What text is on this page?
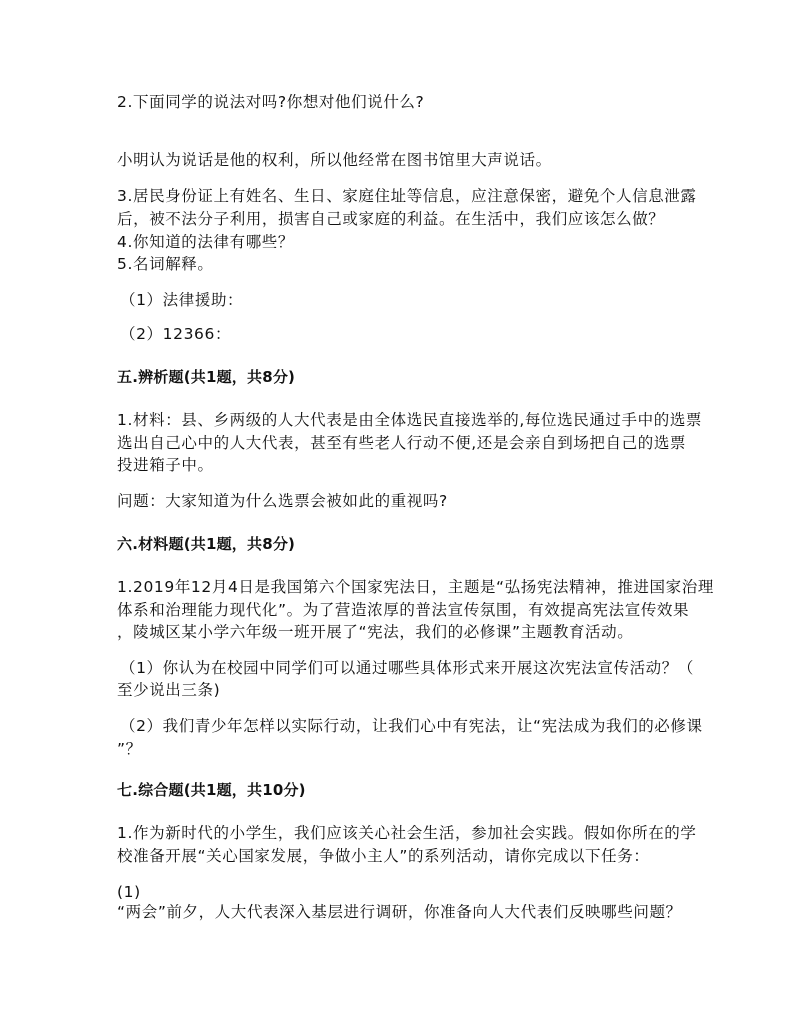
2.下面同学的说法对吗?你想对他们说什么?
小明认为说话是他的权利，所以他经常在图书馆里大声说话。
3.居民身份证上有姓名、生日、家庭住址等信息，应注意保密，避免个人信息泄露
后，被不法分子利用，损害自己或家庭的利益。在生活中，我们应该怎么做？
4.你知道的法律有哪些？
5.名词解释。
（1）法律援助：
（2）12366：
五.辨析题(共1题，共8分)
1.材料：县、乡两级的人大代表是由全体选民直接选举的,每位选民通过手中的选票
选出自己心中的人大代表，甚至有些老人行动不便,还是会亲自到场把自己的选票
投进箱子中。
问题：大家知道为什么选票会被如此的重视吗?
六.材料题(共1题，共8分)
1.2019年12月4日是我国第六个国家宪法日，主题是“弘扬宪法精神，推进国家治理
体系和治理能力现代化”。为了营造浓厚的普法宣传氛围，有效提高宪法宣传效果
，陵城区某小学六年级一班开展了“宪法，我们的必修课”主题教育活动。
（1）你认为在校园中同学们可以通过哪些具体形式来开展这次宪法宣传活动？（
至少说出三条)
（2）我们青少年怎样以实际行动，让我们心中有宪法，让“宪法成为我们的必修课
”？
七.综合题(共1题，共10分)
1.作为新时代的小学生，我们应该关心社会生活，参加社会实践。假如你所在的学
校准备开展“关心国家发展，争做小主人”的系列活动，请你完成以下任务：
(1)
“两会”前夕，人大代表深入基层进行调研，你准备向人大代表们反映哪些问题？
